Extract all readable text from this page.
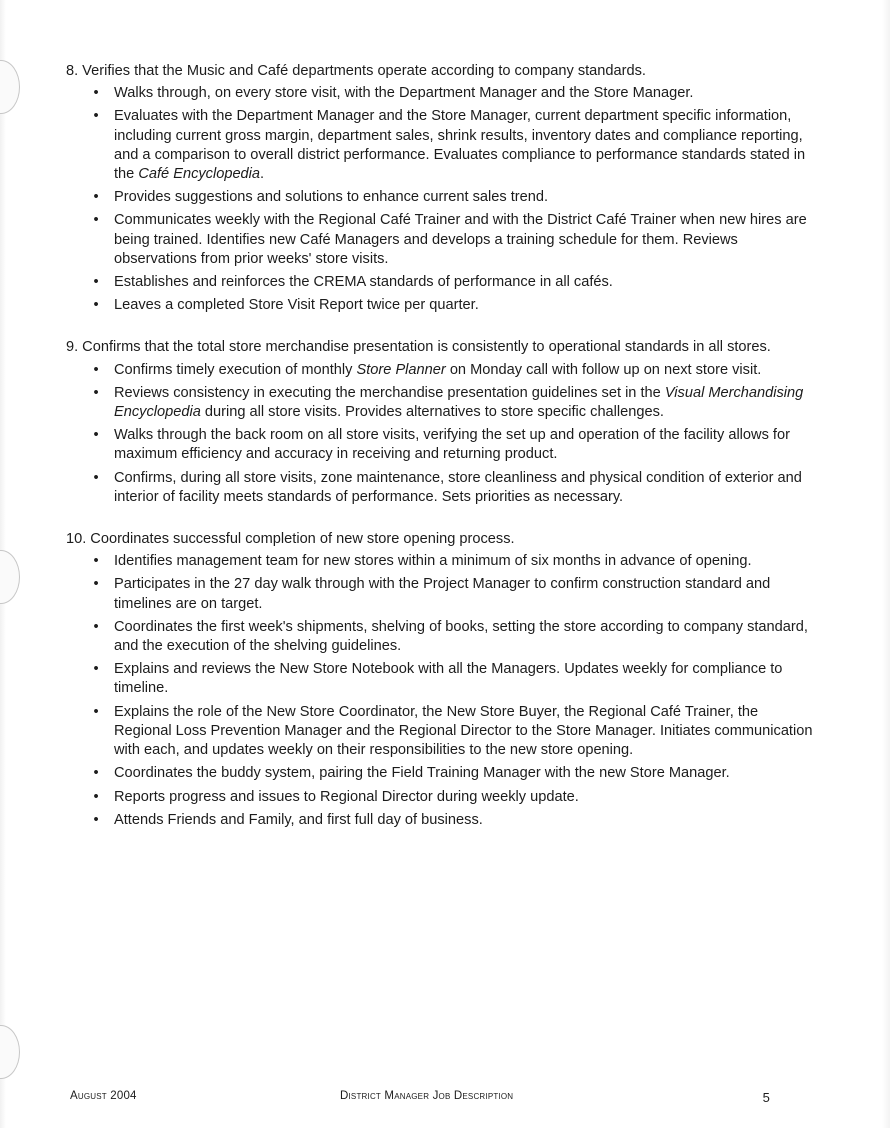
8. Verifies that the Music and Café departments operate according to company standards.
• Walks through, on every store visit, with the Department Manager and the Store Manager.
• Evaluates with the Department Manager and the Store Manager, current department specific information, including current gross margin, department sales, shrink results, inventory dates and compliance reporting, and a comparison to overall district performance. Evaluates compliance to performance standards stated in the Café Encyclopedia.
• Provides suggestions and solutions to enhance current sales trend.
• Communicates weekly with the Regional Café Trainer and with the District Café Trainer when new hires are being trained. Identifies new Café Managers and develops a training schedule for them. Reviews observations from prior weeks' store visits.
• Establishes and reinforces the CREMA standards of performance in all cafés.
• Leaves a completed Store Visit Report twice per quarter.
9. Confirms that the total store merchandise presentation is consistently to operational standards in all stores.
• Confirms timely execution of monthly Store Planner on Monday call with follow up on next store visit.
• Reviews consistency in executing the merchandise presentation guidelines set in the Visual Merchandising Encyclopedia during all store visits. Provides alternatives to store specific challenges.
• Walks through the back room on all store visits, verifying the set up and operation of the facility allows for maximum efficiency and accuracy in receiving and returning product.
• Confirms, during all store visits, zone maintenance, store cleanliness and physical condition of exterior and interior of facility meets standards of performance. Sets priorities as necessary.
10. Coordinates successful completion of new store opening process.
• Identifies management team for new stores within a minimum of six months in advance of opening.
• Participates in the 27 day walk through with the Project Manager to confirm construction standard and timelines are on target.
• Coordinates the first week's shipments, shelving of books, setting the store according to company standard, and the execution of the shelving guidelines.
• Explains and reviews the New Store Notebook with all the Managers. Updates weekly for compliance to timeline.
• Explains the role of the New Store Coordinator, the New Store Buyer, the Regional Café Trainer, the Regional Loss Prevention Manager and the Regional Director to the Store Manager. Initiates communication with each, and updates weekly on their responsibilities to the new store opening.
• Coordinates the buddy system, pairing the Field Training Manager with the new Store Manager.
• Reports progress and issues to Regional Director during weekly update.
• Attends Friends and Family, and first full day of business.
August 2004	District Manager Job Description	5
